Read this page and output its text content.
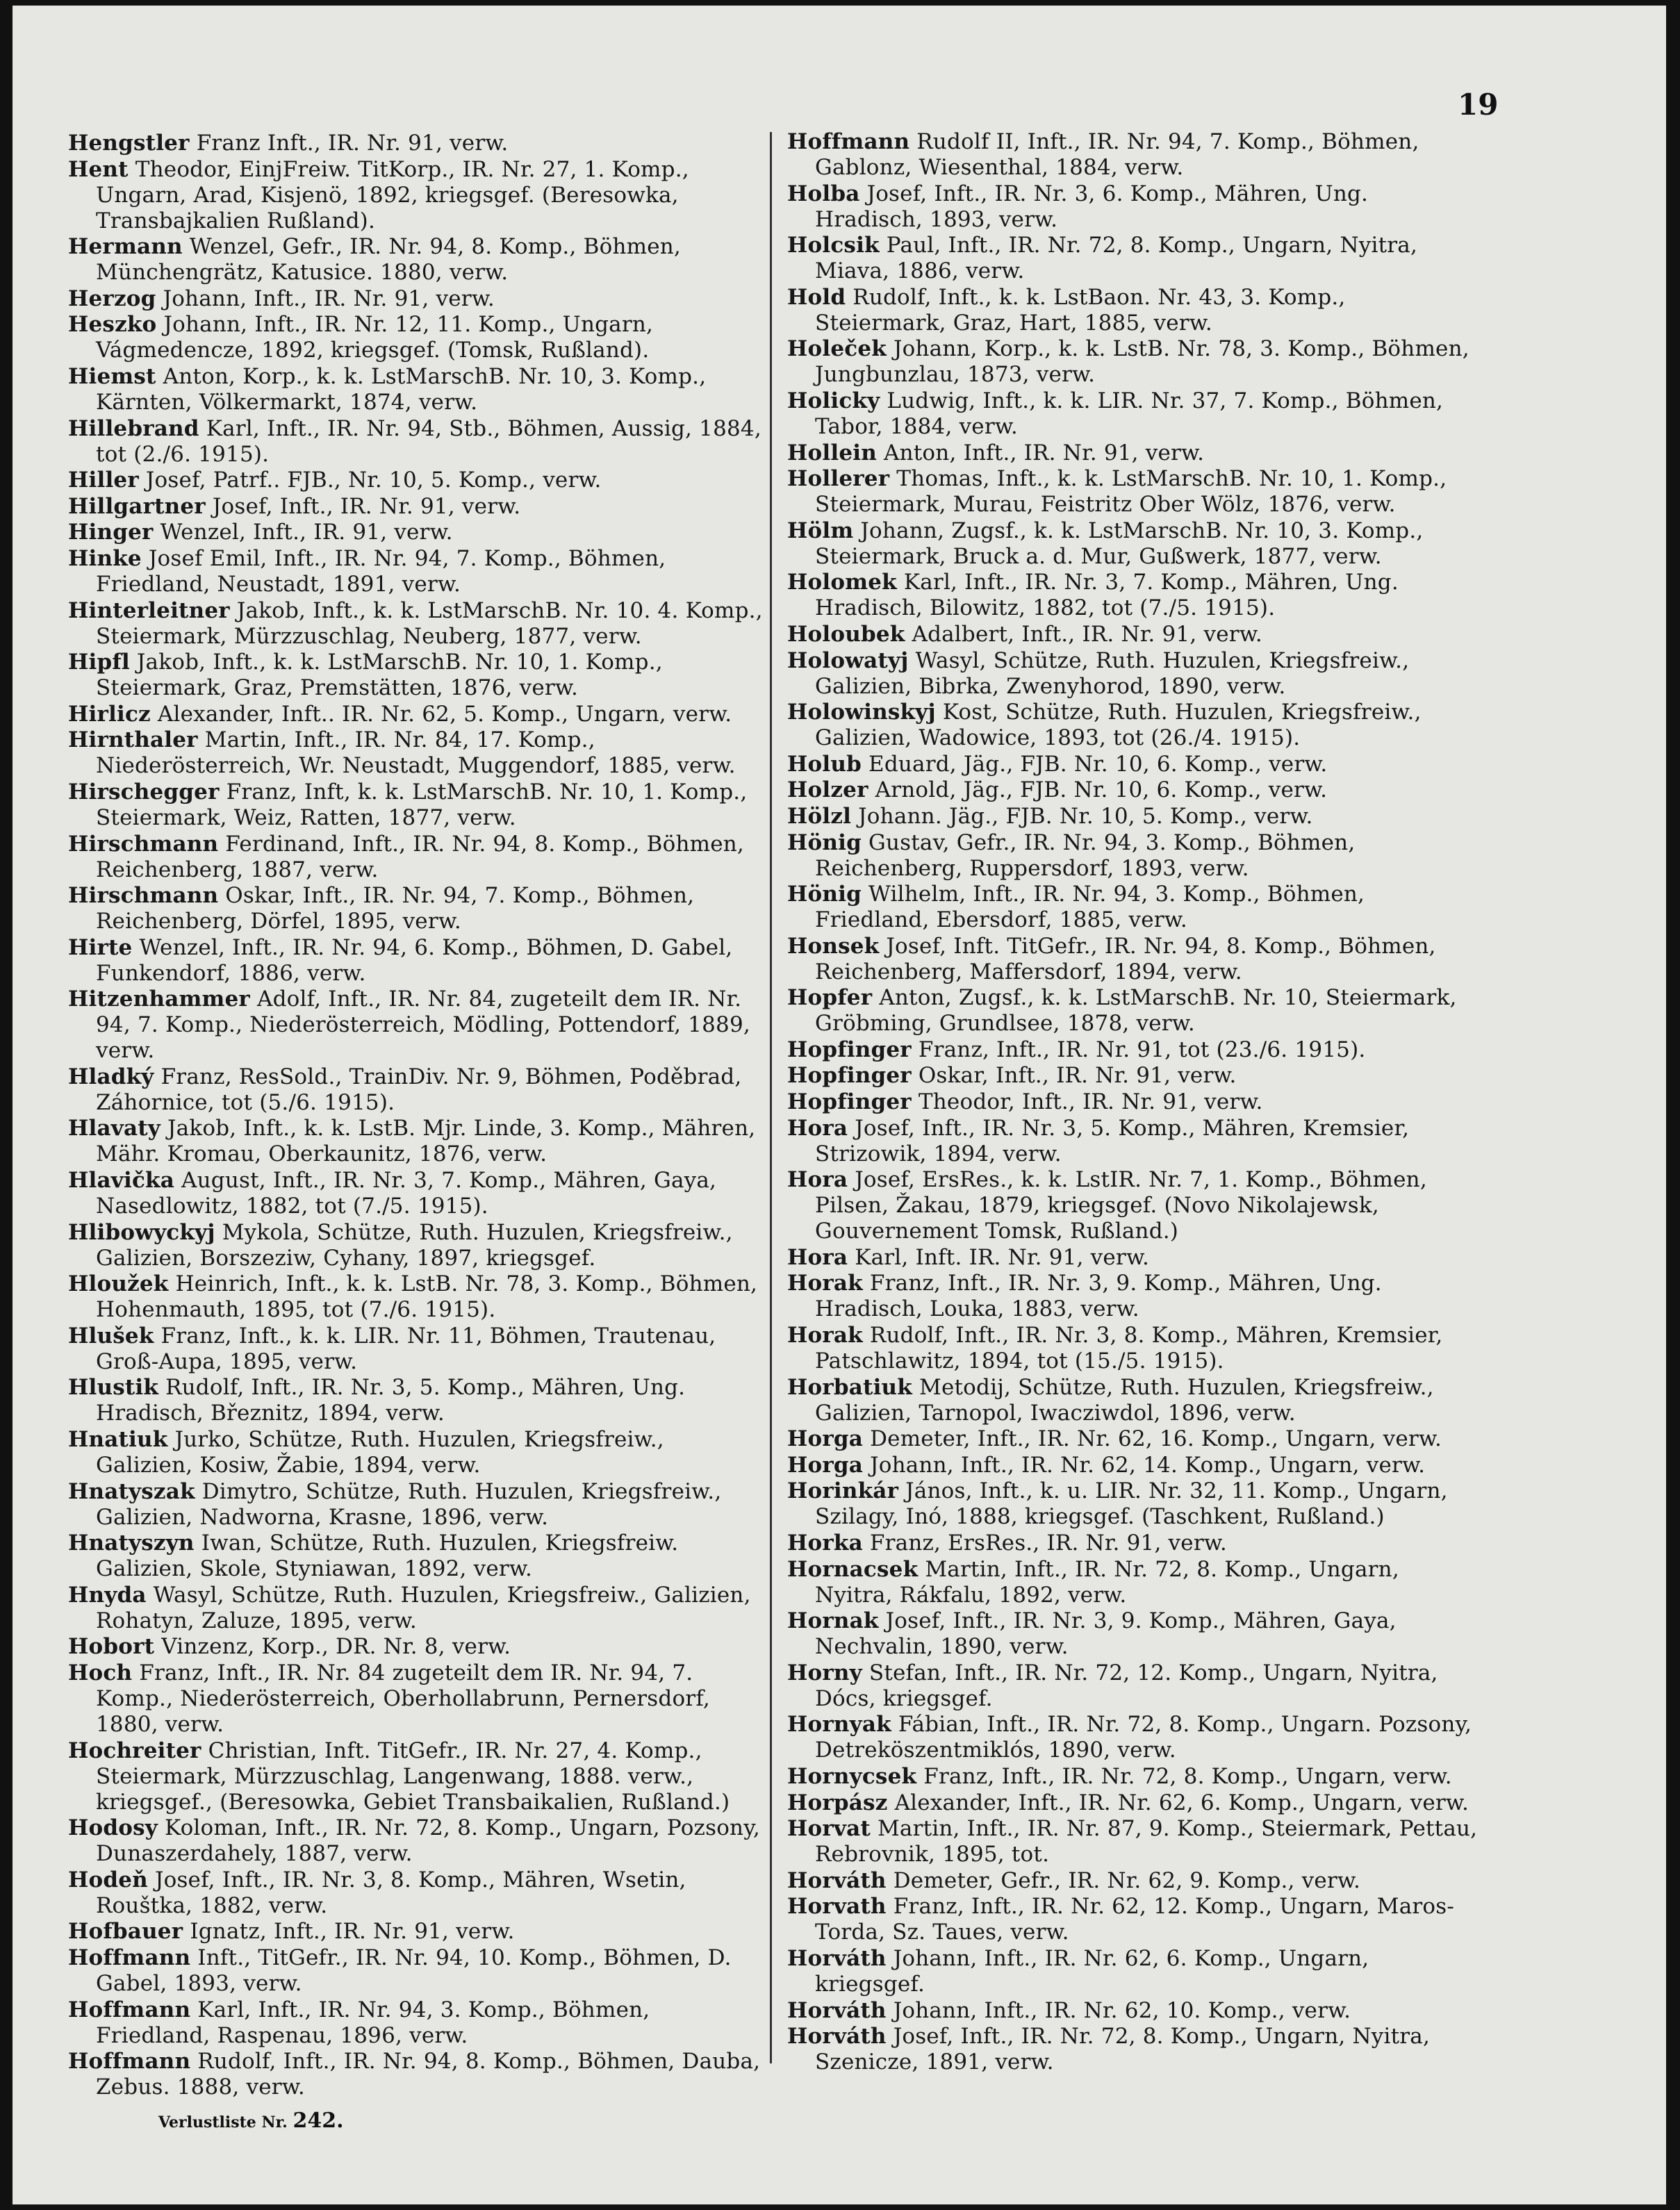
19
Hengstler Franz Inft., IR. Nr. 91, verw.
Hent Theodor, EinjFreiw. TitKorp., IR. Nr. 27, 1. Komp., Ungarn, Arad, Kisjenö, 1892, kriegsgef. (Beresowka, Transbajkalien Rußland).
Hermann Wenzel, Gefr., IR. Nr. 94, 8. Komp., Böhmen, Münchengrätz, Katusice. 1880, verw.
Herzog Johann, Inft., IR. Nr. 91, verw.
Heszko Johann, Inft., IR. Nr. 12, 11. Komp., Ungarn, Vágmedencze, 1892, kriegsgef. (Tomsk, Rußland).
Hiemst Anton, Korp., k. k. LstMarschB. Nr. 10, 3. Komp., Kärnten, Völkermarkt, 1874, verw.
Hillebrand Karl, Inft., IR. Nr. 94, Stb., Böhmen, Aussig, 1884, tot (2./6. 1915).
Hiller Josef, Patrf.. FJB., Nr. 10, 5. Komp., verw.
Hillgartner Josef, Inft., IR. Nr. 91, verw.
Hinger Wenzel, Inft., IR. 91, verw.
Hinke Josef Emil, Inft., IR. Nr. 94, 7. Komp., Böhmen, Friedland, Neustadt, 1891, verw.
Hinterleitner Jakob, Inft., k. k. LstMarschB. Nr. 10. 4. Komp., Steiermark, Mürzzuschlag, Neuberg, 1877, verw.
Hipfl Jakob, Inft., k. k. LstMarschB. Nr. 10, 1. Komp., Steiermark, Graz, Premstätten, 1876, verw.
Hirlicz Alexander, Inft.. IR. Nr. 62, 5. Komp., Ungarn, verw.
Hirnthaler Martin, Inft., IR. Nr. 84, 17. Komp., Niederösterreich, Wr. Neustadt, Muggendorf, 1885, verw.
Hirschegger Franz, Inft, k. k. LstMarschB. Nr. 10, 1. Komp., Steiermark, Weiz, Ratten, 1877, verw.
Hirschmann Ferdinand, Inft., IR. Nr. 94, 8. Komp., Böhmen, Reichenberg, 1887, verw.
Hirschmann Oskar, Inft., IR. Nr. 94, 7. Komp., Böhmen, Reichenberg, Dörfel, 1895, verw.
Hirte Wenzel, Inft., IR. Nr. 94, 6. Komp., Böhmen, D. Gabel, Funkendorf, 1886, verw.
Hitzenhammer Adolf, Inft., IR. Nr. 84, zugeteilt dem IR. Nr. 94, 7. Komp., Niederösterreich, Mödling, Pottendorf, 1889, verw.
Hladký Franz, ResSold., TrainDiv. Nr. 9, Böhmen, Poděbrad, Záhornice, tot (5./6. 1915).
Hlavaty Jakob, Inft., k. k. LstB. Mjr. Linde, 3. Komp., Mähren, Mähr. Kromau, Oberkaunitz, 1876, verw.
Hlavička August, Inft., IR. Nr. 3, 7. Komp., Mähren, Gaya, Nasedlowitz, 1882, tot (7./5. 1915).
Hlibowyckyj Mykola, Schütze, Ruth. Huzulen, Kriegsfreiw., Galizien, Borszeziw, Cyhany, 1897, kriegsgef.
Hloužek Heinrich, Inft., k. k. LstB. Nr. 78, 3. Komp., Böhmen, Hohenmauth, 1895, tot (7./6. 1915).
Hlušek Franz, Inft., k. k. LIR. Nr. 11, Böhmen, Trautenau, Groß-Aupa, 1895, verw.
Hlustik Rudolf, Inft., IR. Nr. 3, 5. Komp., Mähren, Ung. Hradisch, Březnitz, 1894, verw.
Hnatiuk Jurko, Schütze, Ruth. Huzulen, Kriegsfreiw., Galizien, Kosiw, Žabie, 1894, verw.
Hnatyszak Dimytro, Schütze, Ruth. Huzulen, Kriegsfreiw., Galizien, Nadworna, Krasne, 1896, verw.
Hnatyszyn Iwan, Schütze, Ruth. Huzulen, Kriegsfreiw. Galizien, Skole, Styniawan, 1892, verw.
Hnyda Wasyl, Schütze, Ruth. Huzulen, Kriegsfreiw., Galizien, Rohatyn, Zaluze, 1895, verw.
Hobort Vinzenz, Korp., DR. Nr. 8, verw.
Hoch Franz, Inft., IR. Nr. 84 zugeteilt dem IR. Nr. 94, 7. Komp., Niederösterreich, Oberhollabrunn, Pernersdorf, 1880, verw.
Hochreiter Christian, Inft. TitGefr., IR. Nr. 27, 4. Komp., Steiermark, Mürzzuschlag, Langenwang, 1888. verw., kriegsgef., (Beresowka, Gebiet Transbaikalien, Rußland.)
Hodosy Koloman, Inft., IR. Nr. 72, 8. Komp., Ungarn, Pozsony, Dunaszerdahely, 1887, verw.
Hodeň Josef, Inft., IR. Nr. 3, 8. Komp., Mähren, Wsetin, Rouštka, 1882, verw.
Hofbauer Ignatz, Inft., IR. Nr. 91, verw.
Hoffmann Inft., TitGefr., IR. Nr. 94, 10. Komp., Böhmen, D. Gabel, 1893, verw.
Hoffmann Karl, Inft., IR. Nr. 94, 3. Komp., Böhmen, Friedland, Raspenau, 1896, verw.
Hoffmann Rudolf, Inft., IR. Nr. 94, 8. Komp., Böhmen, Dauba, Zebus. 1888, verw.
Hoffmann Rudolf II, Inft., IR. Nr. 94, 7. Komp., Böhmen, Gablonz, Wiesenthal, 1884, verw.
Holba Josef, Inft., IR. Nr. 3, 6. Komp., Mähren, Ung. Hradisch, 1893, verw.
Holcsik Paul, Inft., IR. Nr. 72, 8. Komp., Ungarn, Nyitra, Miava, 1886, verw.
Hold Rudolf, Inft., k. k. LstBaon. Nr. 43, 3. Komp., Steiermark, Graz, Hart, 1885, verw.
Holeček Johann, Korp., k. k. LstB. Nr. 78, 3. Komp., Böhmen, Jungbunzlau, 1873, verw.
Holicky Ludwig, Inft., k. k. LIR. Nr. 37, 7. Komp., Böhmen, Tabor, 1884, verw.
Hollein Anton, Inft., IR. Nr. 91, verw.
Hollerer Thomas, Inft., k. k. LstMarschB. Nr. 10, 1. Komp., Steiermark, Murau, Feistritz Ober Wölz, 1876, verw.
Hölm Johann, Zugsf., k. k. LstMarschB. Nr. 10, 3. Komp., Steiermark, Bruck a. d. Mur, Gußwerk, 1877, verw.
Holomek Karl, Inft., IR. Nr. 3, 7. Komp., Mähren, Ung. Hradisch, Bilowitz, 1882, tot (7./5. 1915).
Holoubek Adalbert, Inft., IR. Nr. 91, verw.
Holowatyj Wasyl, Schütze, Ruth. Huzulen, Kriegsfreiw., Galizien, Bibrka, Zwenyhorod, 1890, verw.
Holowinskyj Kost, Schütze, Ruth. Huzulen, Kriegsfreiw., Galizien, Wadowice, 1893, tot (26./4. 1915).
Holub Eduard, Jäg., FJB. Nr. 10, 6. Komp., verw.
Holzer Arnold, Jäg., FJB. Nr. 10, 6. Komp., verw.
Hölzl Johann. Jäg., FJB. Nr. 10, 5. Komp., verw.
Hönig Gustav, Gefr., IR. Nr. 94, 3. Komp., Böhmen, Reichenberg, Ruppersdorf, 1893, verw.
Hönig Wilhelm, Inft., IR. Nr. 94, 3. Komp., Böhmen, Friedland, Ebersdorf, 1885, verw.
Honsek Josef, Inft. TitGefr., IR. Nr. 94, 8. Komp., Böhmen, Reichenberg, Maffersdorf, 1894, verw.
Hopfer Anton, Zugsf., k. k. LstMarschB. Nr. 10, Steiermark, Gröbming, Grundlsee, 1878, verw.
Hopfinger Franz, Inft., IR. Nr. 91, tot (23./6. 1915).
Hopfinger Oskar, Inft., IR. Nr. 91, verw.
Hopfinger Theodor, Inft., IR. Nr. 91, verw.
Hora Josef, Inft., IR. Nr. 3, 5. Komp., Mähren, Kremsier, Strizowik, 1894, verw.
Hora Josef, ErsRes., k. k. LstIR. Nr. 7, 1. Komp., Böhmen, Pilsen, Žakau, 1879, kriegsgef. (Novo Nikolajewsk, Gouvernement Tomsk, Rußland.)
Hora Karl, Inft. IR. Nr. 91, verw.
Horak Franz, Inft., IR. Nr. 3, 9. Komp., Mähren, Ung. Hradisch, Louka, 1883, verw.
Horak Rudolf, Inft., IR. Nr. 3, 8. Komp., Mähren, Kremsier, Patschlawitz, 1894, tot (15./5. 1915).
Horbatiuk Metodij, Schütze, Ruth. Huzulen, Kriegsfreiw., Galizien, Tarnopol, Iwacziwdol, 1896, verw.
Horga Demeter, Inft., IR. Nr. 62, 16. Komp., Ungarn, verw.
Horga Johann, Inft., IR. Nr. 62, 14. Komp., Ungarn, verw.
Horinkár János, Inft., k. u. LIR. Nr. 32, 11. Komp., Ungarn, Szilagy, Inó, 1888, kriegsgef. (Taschkent, Rußland.)
Horka Franz, ErsRes., IR. Nr. 91, verw.
Hornacsek Martin, Inft., IR. Nr. 72, 8. Komp., Ungarn, Nyitra, Rákfalu, 1892, verw.
Hornak Josef, Inft., IR. Nr. 3, 9. Komp., Mähren, Gaya, Nechvalin, 1890, verw.
Horny Stefan, Inft., IR. Nr. 72, 12. Komp., Ungarn, Nyitra, Dócs, kriegsgef.
Hornyak Fábian, Inft., IR. Nr. 72, 8. Komp., Ungarn. Pozsony, Detreköszentmiklós, 1890, verw.
Hornycsek Franz, Inft., IR. Nr. 72, 8. Komp., Ungarn, verw.
Horpász Alexander, Inft., IR. Nr. 62, 6. Komp., Ungarn, verw.
Horvat Martin, Inft., IR. Nr. 87, 9. Komp., Steiermark, Pettau, Rebrovnik, 1895, tot.
Horváth Demeter, Gefr., IR. Nr. 62, 9. Komp., verw.
Horvath Franz, Inft., IR. Nr. 62, 12. Komp., Ungarn, Maros-Torda, Sz. Taues, verw.
Horváth Johann, Inft., IR. Nr. 62, 6. Komp., Ungarn, kriegsgef.
Horváth Johann, Inft., IR. Nr. 62, 10. Komp., verw.
Horváth Josef, Inft., IR. Nr. 72, 8. Komp., Ungarn, Nyitra, Szenicze, 1891, verw.
Verlustliste Nr. 242.
